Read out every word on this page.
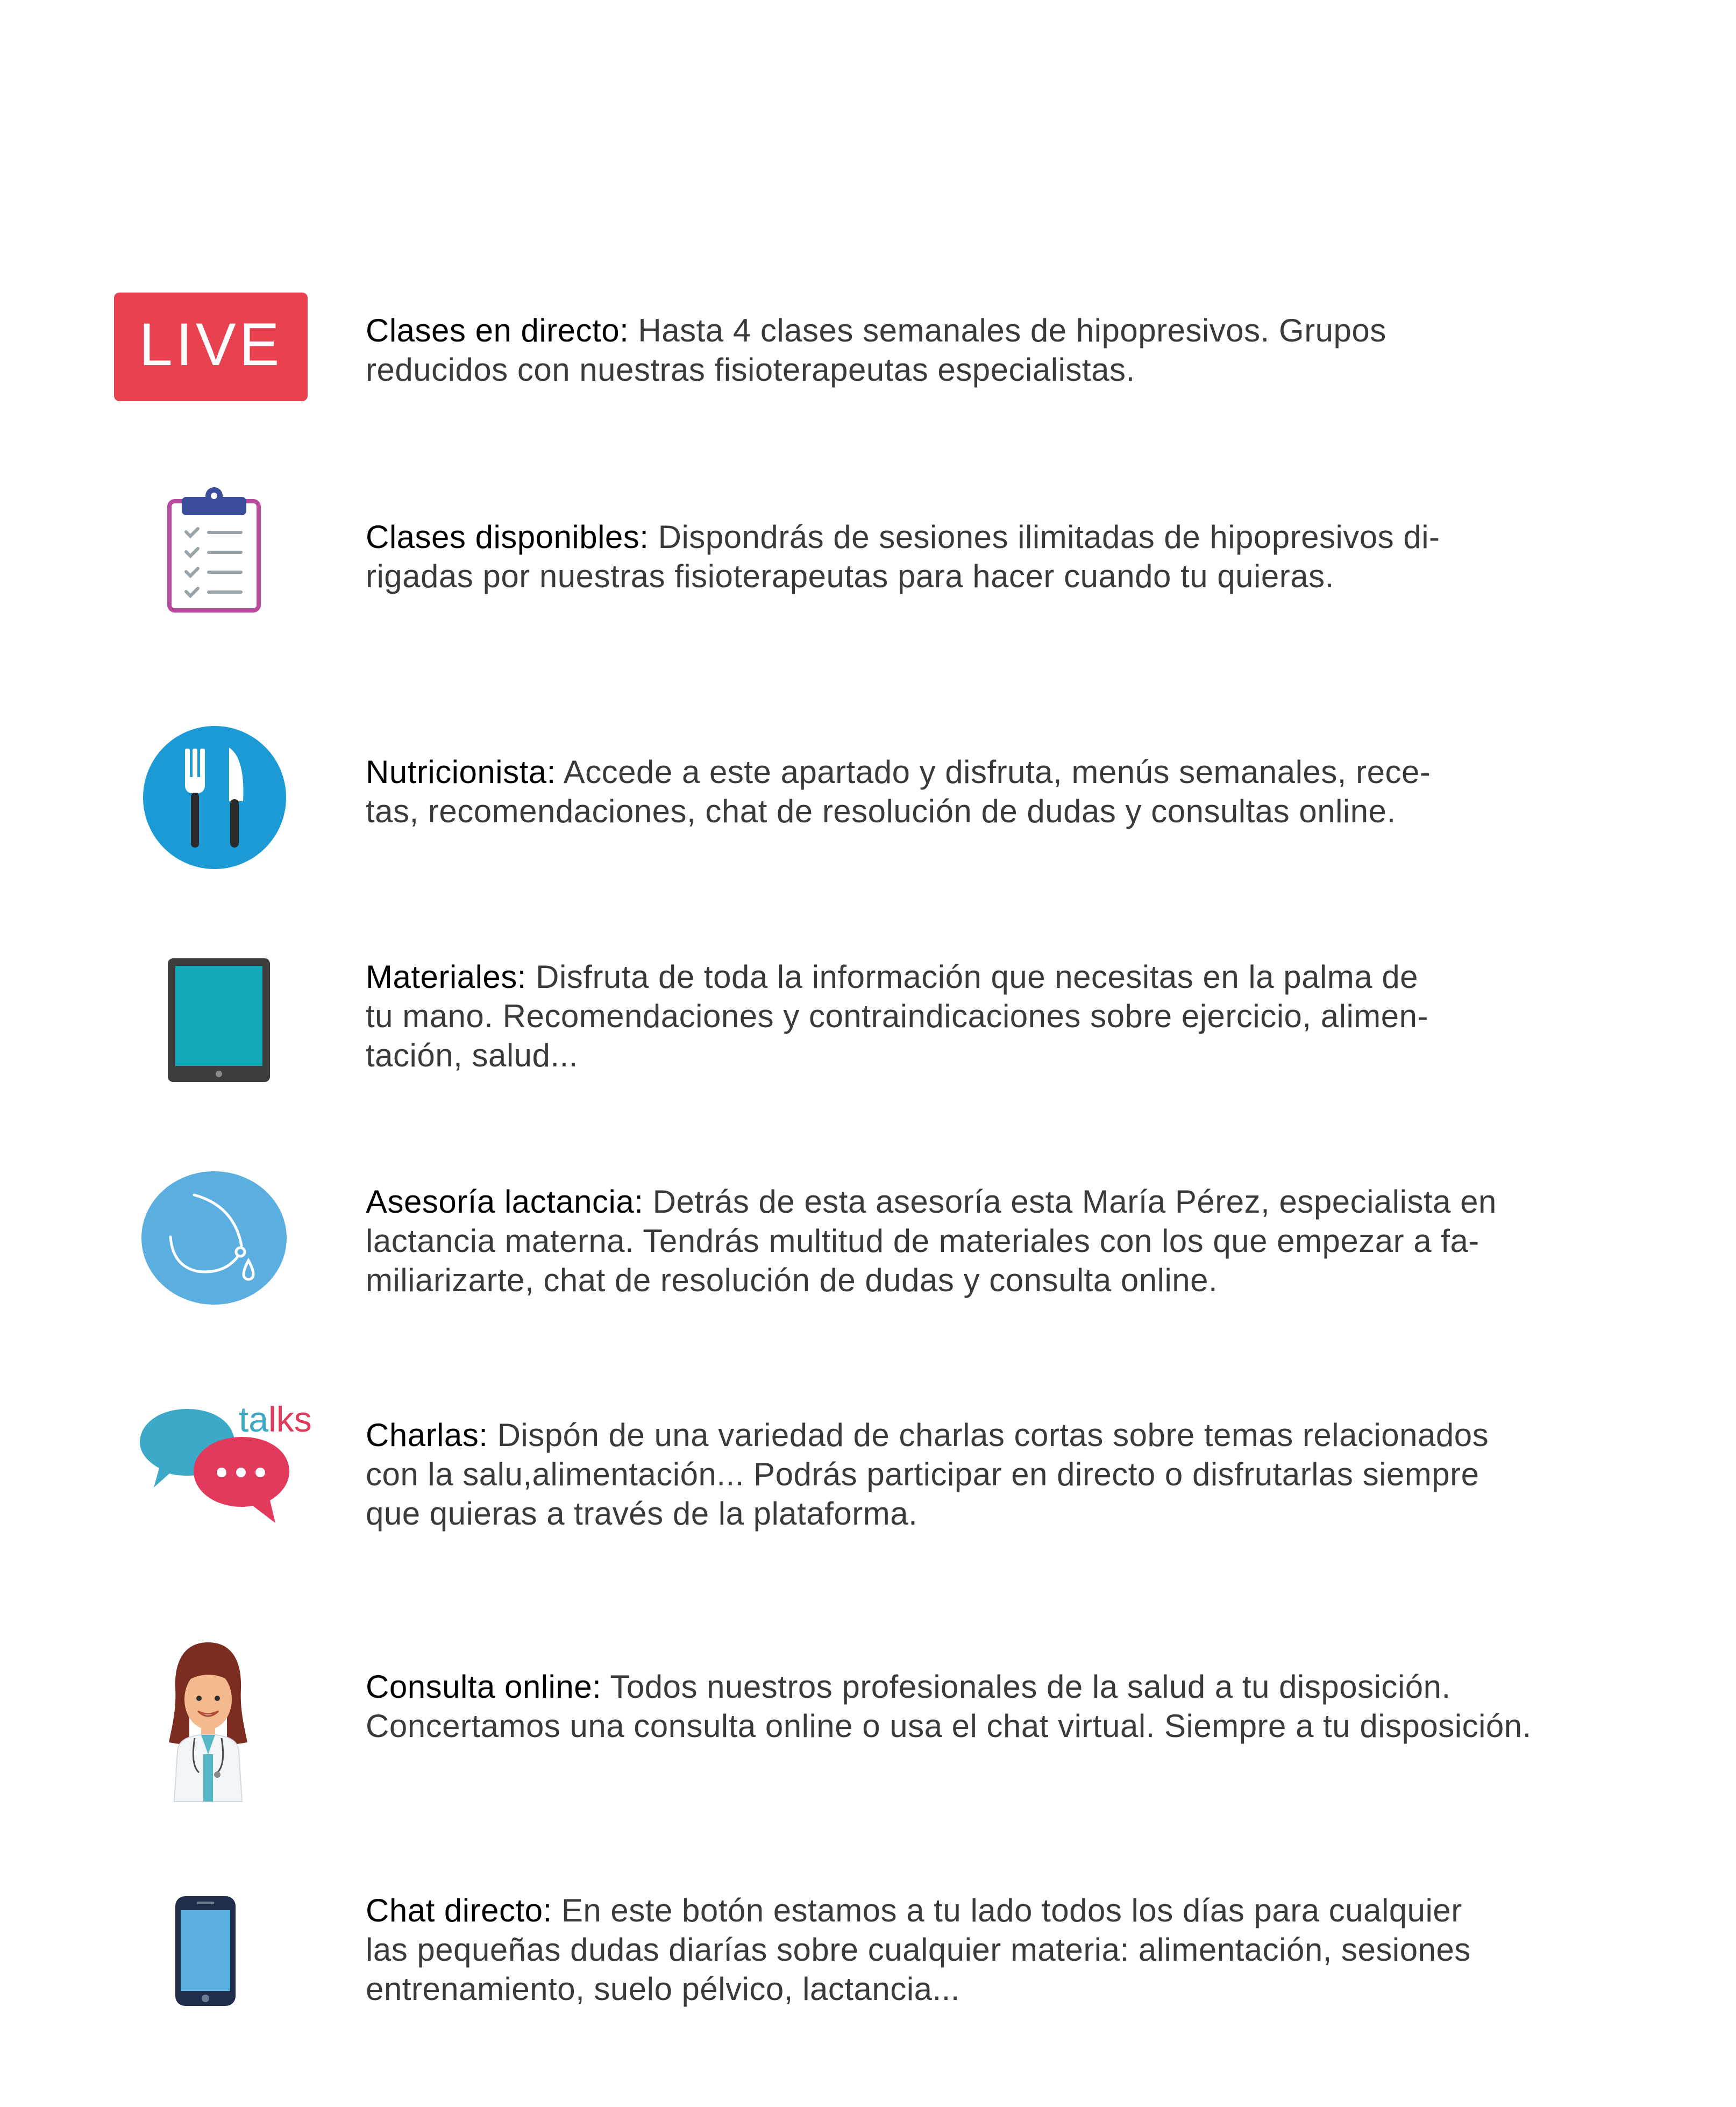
LIVE	Clases en directo: Hasta 4 clases semanales de hipopresivos. Grupos
reducidos con nuestras fisioterapeutas especialistas.
Clases disponibles: Dispondrás de sesiones ilimitadas de hipopresivos di-
rigadas por nuestras fisioterapeutas para hacer cuando tu quieras.
Nutricionista: Accede a este apartado y disfruta, menús semanales, rece-
tas, recomendaciones, chat de resolución de dudas y consultas online.
Materiales: Disfruta de toda la información que necesitas en la palma de
tu mano. Recomendaciones y contraindicaciones sobre ejercicio, alimen-
tación, salud...
Asesoría lactancia: Detrás de esta asesoría esta María Pérez, especialista en
lactancia materna. Tendrás multitud de materiales con los que empezar a fa-
miliarizarte, chat de resolución de dudas y consulta online.
talks Charlas: Dispón de una variedad de charlas cortas sobre temas relacionados
con la salu,alimentación... Podrás participar en directo o disfrutarlas siempre
que quieras a través de la plataforma.
Consulta online: Todos nuestros profesionales de la salud a tu disposición.
Concertamos una consulta online o usa el chat virtual. Siempre a tu disposición.
Chat directo: En este botón estamos a tu lado todos los días para cualquier
las pequeñas dudas diarías sobre cualquier materia: alimentación, sesiones
entrenamiento, suelo pélvico, lactancia...
